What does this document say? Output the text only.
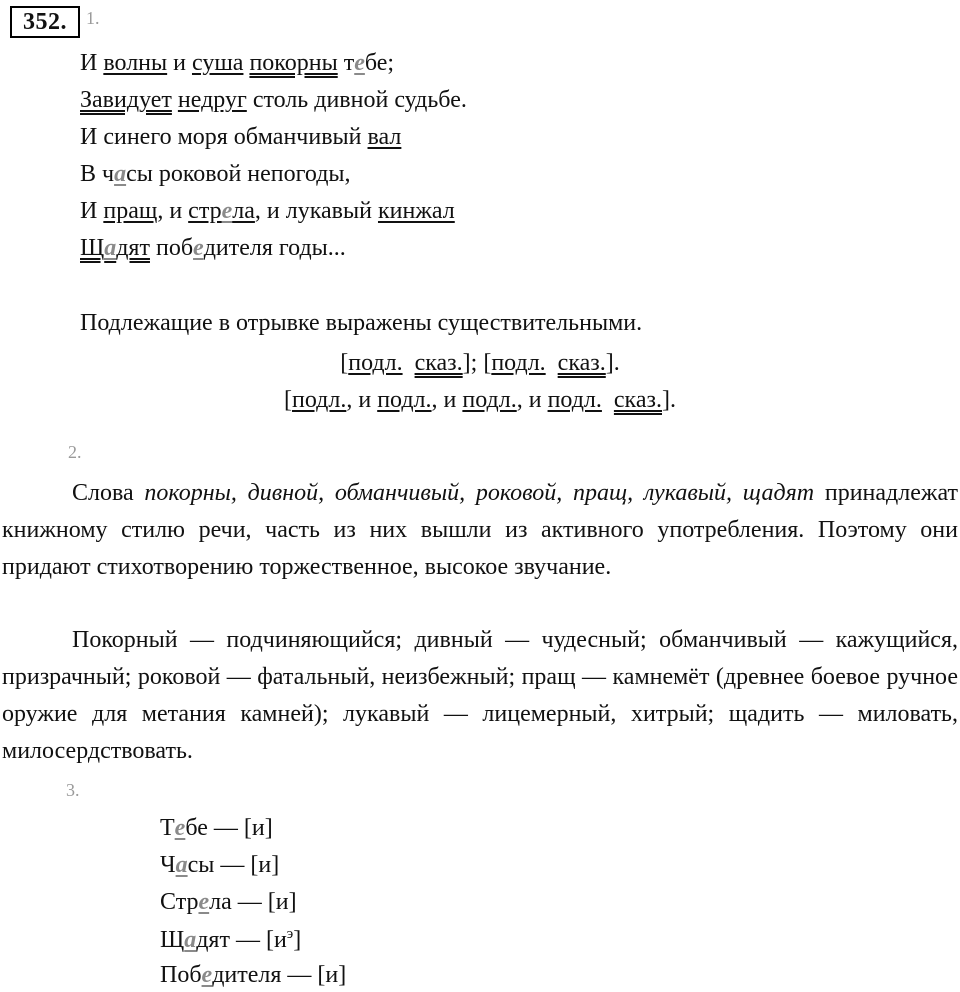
352.	1.
И волны и суша покорны тебе;
Завидует недруг столь дивной судьбе.
И синего моря обманчивый вал
В часы роковой непогоды,
И пращ, и стрела, и лукавый кинжал
Щадят победителя годы...
Подлежащие в отрывке выражены существительными.
[подл. сказ.]; [подл. сказ.].
[подл., и подл., и подл., и подл. сказ.].
2.
Слова покорны, дивной, обманчивый, роковой, пращ, лукавый, щадят принадлежат книжному стилю речи, часть из них вышли из активного употребления. Поэтому они придают стихотворению торжественное, высокое звучание.
Покорный — подчиняющийся; дивный — чудесный; обманчивый — кажущийся, призрачный; роковой — фатальный, неизбежный; пращ — камнемёт (древнее боевое ручное оружие для метания камней); лукавый — лицемерный, хитрый; щадить — миловать, милосердствовать.
3.
Тебе — [и]
Часы — [и]
Стрела — [и]
Щадят — $[и^э]$
Победителя — [и]
